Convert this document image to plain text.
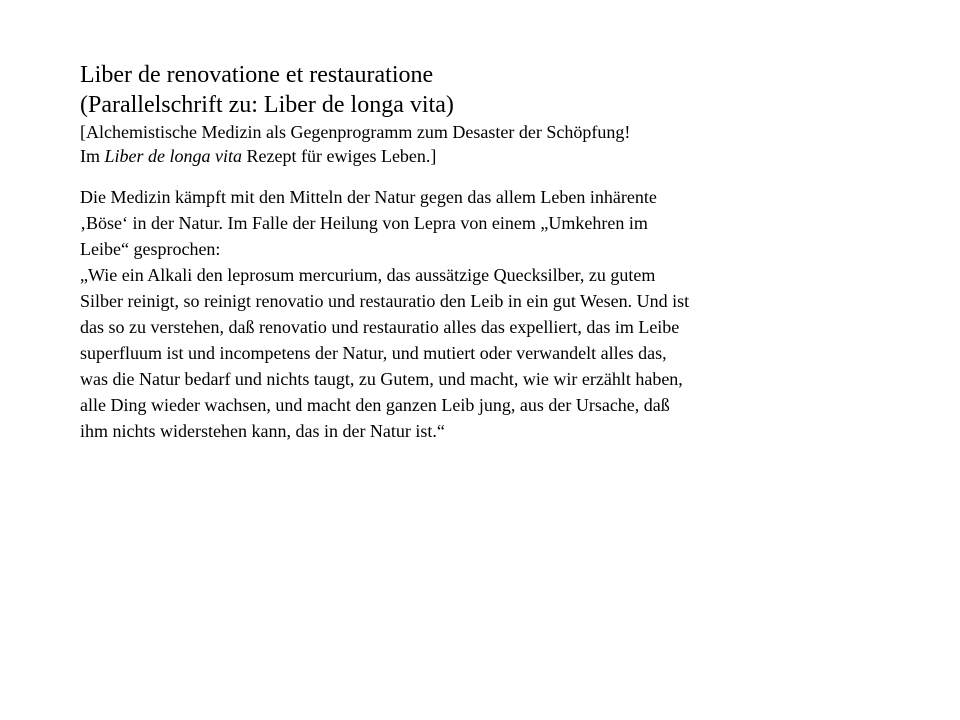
Liber de renovatione et restauratione
(Parallelschrift zu: Liber de longa vita)
[Alchemistische Medizin als Gegenprogramm zum Desaster der Schöpfung!
Im Liber de longa vita Rezept für ewiges Leben.]
Die Medizin kämpft mit den Mitteln der Natur gegen das allem Leben inhärente
‚Böse‘ in der Natur. Im Falle der Heilung von Lepra von einem „Umkehren im
Leibe“ gesprochen:
„Wie ein Alkali den leprosum mercurium, das aussätzige Quecksilber, zu gutem
Silber reinigt, so reinigt renovatio und restauratio den Leib in ein gut Wesen. Und ist
das so zu verstehen, daß renovatio und restauratio alles das expelliert, das im Leibe
superfluum ist und incompetens der Natur, und mutiert oder verwandelt alles das,
was die Natur bedarf und nichts taugt, zu Gutem, und macht, wie wir erzählt haben,
alle Ding wieder wachsen, und macht den ganzen Leib jung, aus der Ursache, daß
ihm nichts widerstehen kann, das in der Natur ist.“
